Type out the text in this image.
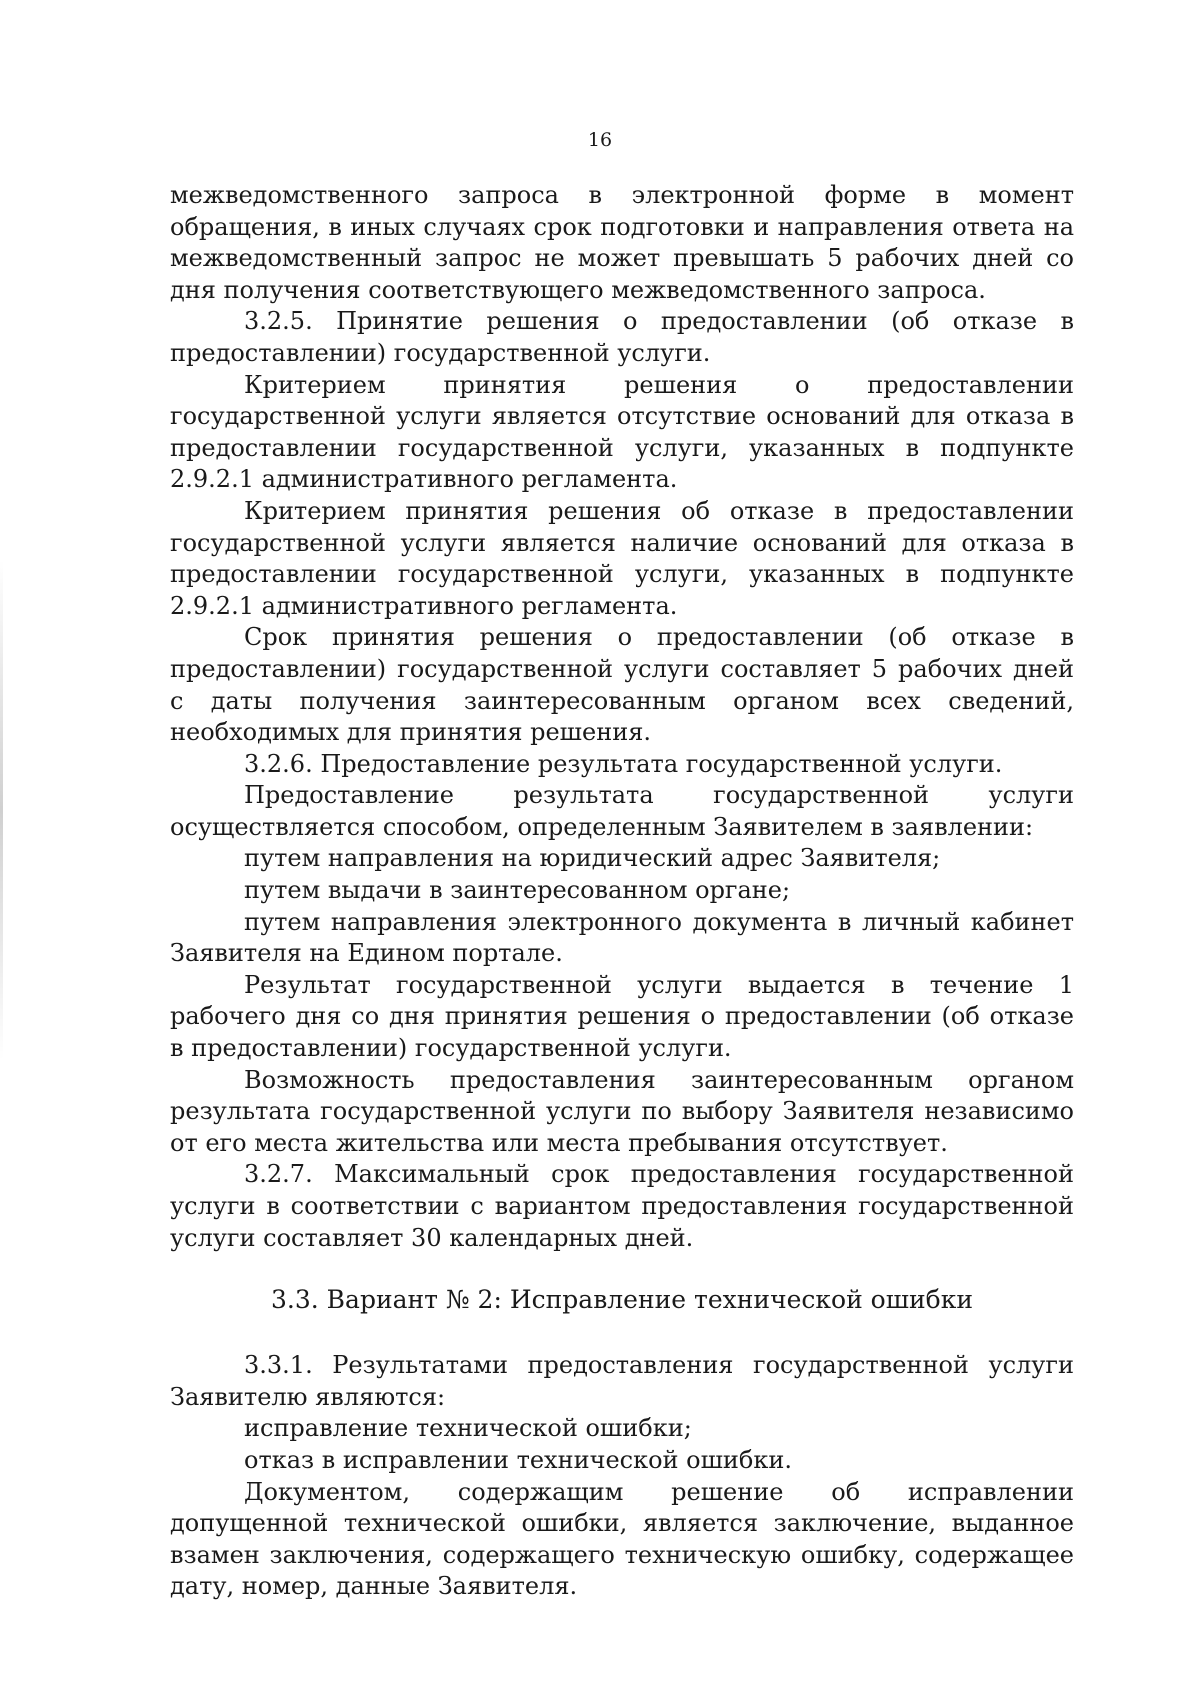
16

межведомственного запроса в электронной форме в момент обращения, в иных случаях срок подготовки и направления ответа на межведомственный запрос не может превышать 5 рабочих дней со дня получения соответствующего межведомственного запроса.

3.2.5. Принятие решения о предоставлении (об отказе в предоставлении) государственной услуги.

Критерием принятия решения о предоставлении государственной услуги является отсутствие оснований для отказа в предоставлении государственной услуги, указанных в подпункте 2.9.2.1 административного регламента.

Критерием принятия решения об отказе в предоставлении государственной услуги является наличие оснований для отказа в предоставлении государственной услуги, указанных в подпункте 2.9.2.1 административного регламента.

Срок принятия решения о предоставлении (об отказе в предоставлении) государственной услуги составляет 5 рабочих дней с даты получения заинтересованным органом всех сведений, необходимых для принятия решения.

3.2.6. Предоставление результата государственной услуги.

Предоставление результата государственной услуги осуществляется способом, определенным Заявителем в заявлении:

путем направления на юридический адрес Заявителя;

путем выдачи в заинтересованном органе;

путем направления электронного документа в личный кабинет Заявителя на Едином портале.

Результат государственной услуги выдается в течение 1 рабочего дня со дня принятия решения о предоставлении (об отказе в предоставлении) государственной услуги.

Возможность предоставления заинтересованным органом результата государственной услуги по выбору Заявителя независимо от его места жительства или места пребывания отсутствует.

3.2.7. Максимальный срок предоставления государственной услуги в соответствии с вариантом предоставления государственной услуги составляет 30 календарных дней.

3.3. Вариант № 2: Исправление технической ошибки

3.3.1. Результатами предоставления государственной услуги Заявителю являются:

исправление технической ошибки;

отказ в исправлении технической ошибки.

Документом, содержащим решение об исправлении допущенной технической ошибки, является заключение, выданное взамен заключения, содержащего техническую ошибку, содержащее дату, номер, данные Заявителя.
